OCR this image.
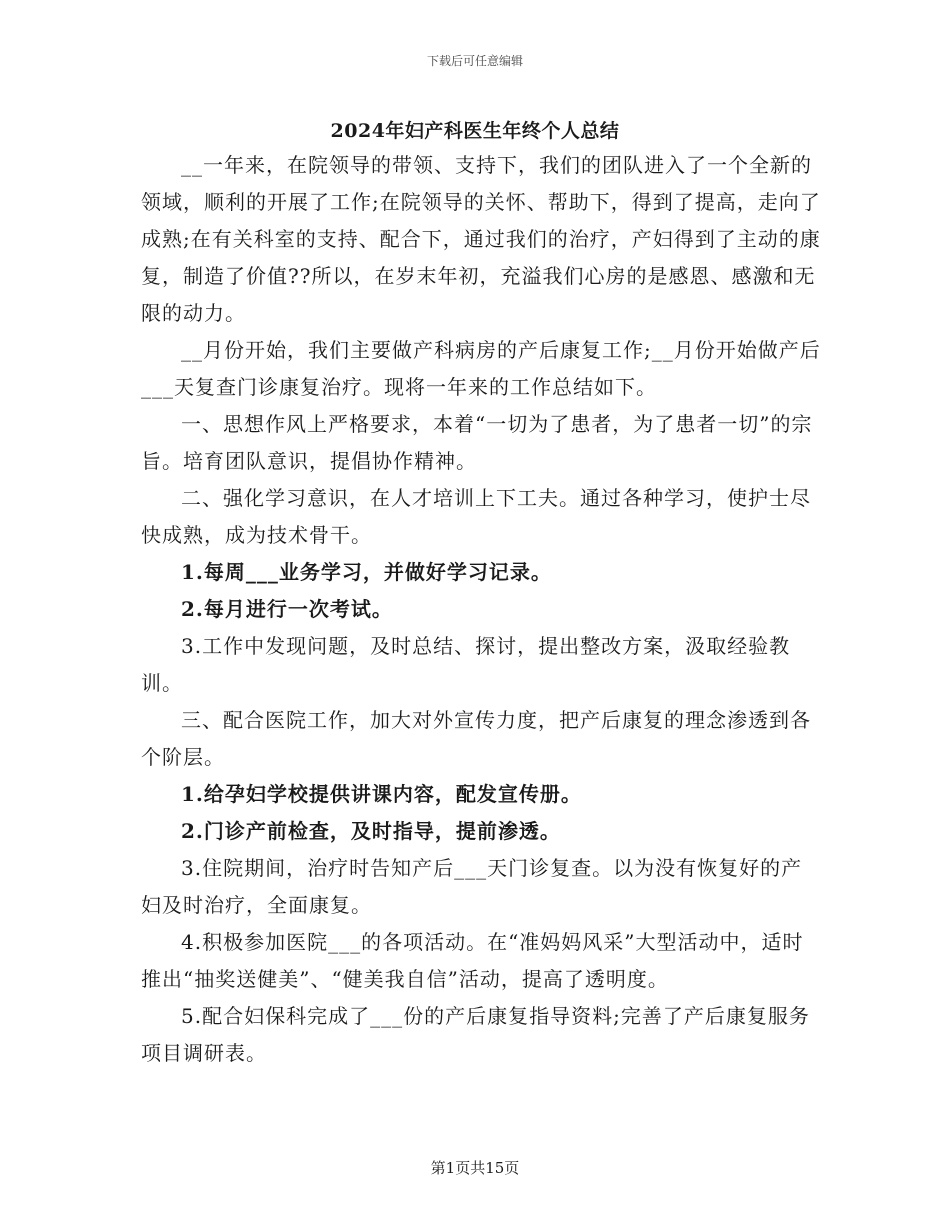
下载后可任意编辑
2024年妇产科医生年终个人总结

__一年来，在院领导的带领、支持下，我们的团队进入了一个全新的领域，顺利的开展了工作;在院领导的关怀、帮助下，得到了提高，走向了成熟;在有关科室的支持、配合下，通过我们的治疗，产妇得到了主动的康复，制造了价值??所以，在岁末年初，充溢我们心房的是感恩、感激和无限的动力。

__月份开始，我们主要做产科病房的产后康复工作;__月份开始做产后___天复查门诊康复治疗。现将一年来的工作总结如下。

一、思想作风上严格要求，本着“一切为了患者，为了患者一切”的宗旨。培育团队意识，提倡协作精神。

二、强化学习意识，在人才培训上下工夫。通过各种学习，使护士尽快成熟，成为技术骨干。

1.每周___业务学习，并做好学习记录。

2.每月进行一次考试。

3.工作中发现问题，及时总结、探讨，提出整改方案，汲取经验教训。

三、配合医院工作，加大对外宣传力度，把产后康复的理念渗透到各个阶层。

1.给孕妇学校提供讲课内容，配发宣传册。

2.门诊产前检查，及时指导，提前渗透。

3.住院期间，治疗时告知产后___天门诊复查。以为没有恢复好的产妇及时治疗，全面康复。

4.积极参加医院___的各项活动。在“准妈妈风采”大型活动中，适时推出“抽奖送健美”、“健美我自信”活动，提高了透明度。

5.配合妇保科完成了___份的产后康复指导资料;完善了产后康复服务项目调研表。

第1页共15页
